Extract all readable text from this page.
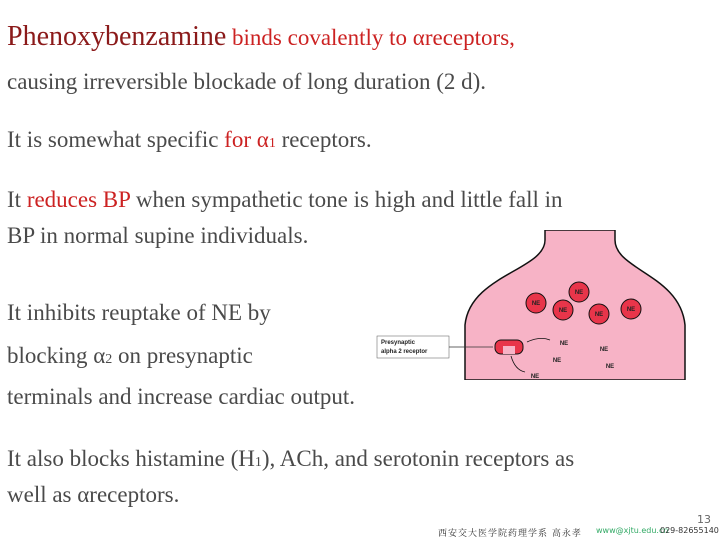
Phenoxybenzamine binds covalently to αreceptors,
causing irreversible blockade of long duration (2 d).
It is somewhat specific for α1 receptors.
It reduces BP when sympathetic tone is high and little fall in
BP in normal supine individuals.
It inhibits reuptake of NE by
blocking α2 on presynaptic
terminals and increase cardiac output.
It also blocks histamine (H1), ACh, and serotonin receptors as
well as αreceptors.
NE
NE
NE
NE
NE
Presynaptic
alpha 2 receptor
NE
NE
NE
NE
NE
13
西安交大医学院药理学系 高永孝 www@xjtu.edu.cn
029-82655140
